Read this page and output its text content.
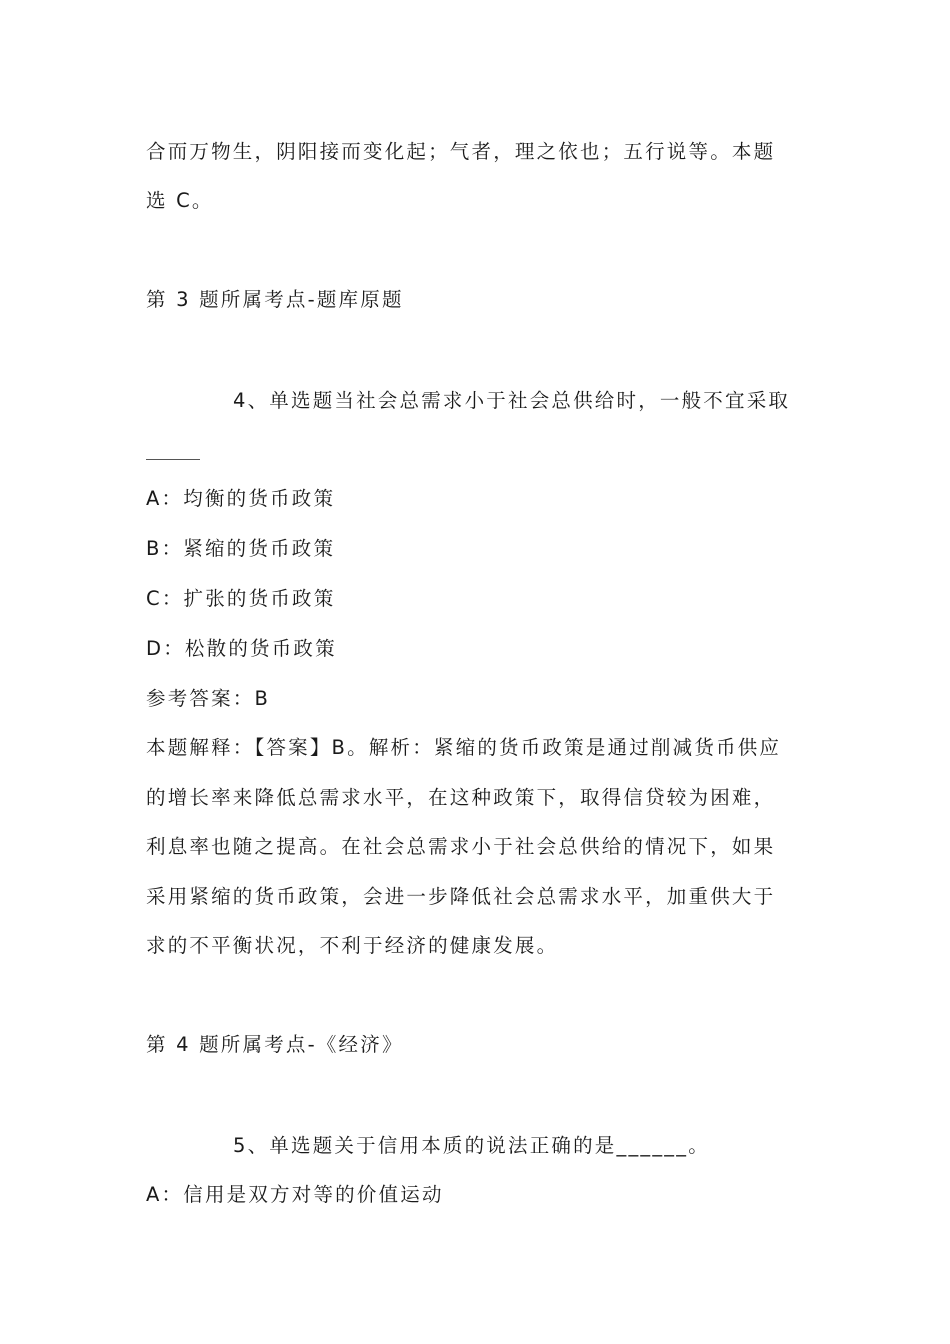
合而万物生，阴阳接而变化起；气者，理之依也；五行说等。本题
选 C。
第 3 题所属考点-题库原题
4、单选题当社会总需求小于社会总供给时，一般不宜采取
A：均衡的货币政策
B：紧缩的货币政策
C：扩张的货币政策
D：松散的货币政策
参考答案：B
本题解释：【答案】B。解析：紧缩的货币政策是通过削减货币供应
的增长率来降低总需求水平，在这种政策下，取得信贷较为困难，
利息率也随之提高。在社会总需求小于社会总供给的情况下，如果
采用紧缩的货币政策，会进一步降低社会总需求水平，加重供大于
求的不平衡状况，不利于经济的健康发展。
第 4 题所属考点-《经济》
5、单选题关于信用本质的说法正确的是______。
A：信用是双方对等的价值运动
